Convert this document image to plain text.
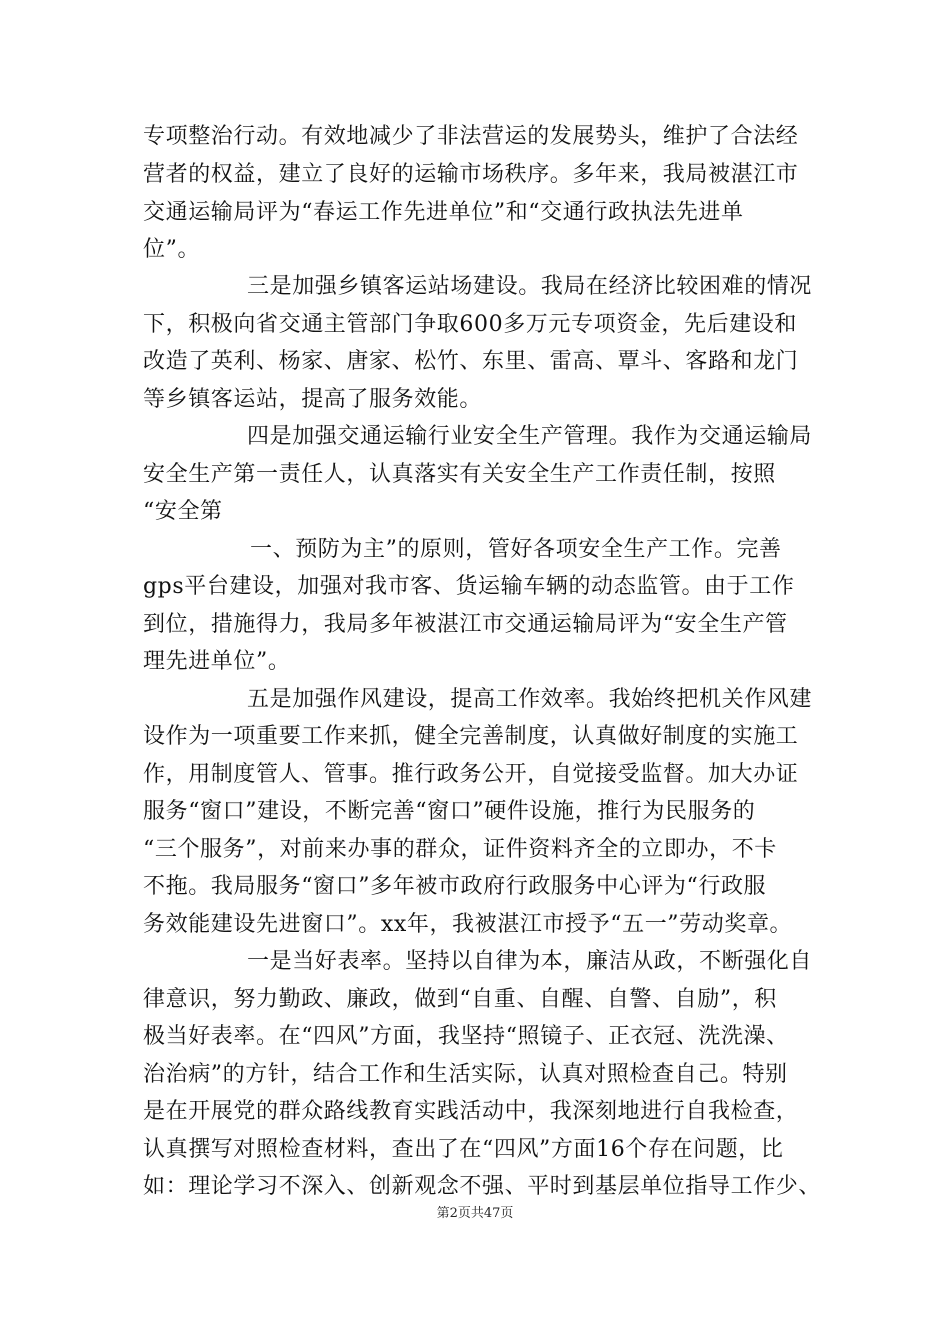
专项整治行动。有效地减少了非法营运的发展势头，维护了合法经
营者的权益，建立了良好的运输市场秩序。多年来，我局被湛江市
交通运输局评为“春运工作先进单位”和“交通行政执法先进单
位”。
三是加强乡镇客运站场建设。我局在经济比较困难的情况
下，积极向省交通主管部门争取600多万元专项资金，先后建设和
改造了英利、杨家、唐家、松竹、东里、雷高、覃斗、客路和龙门
等乡镇客运站，提高了服务效能。
四是加强交通运输行业安全生产管理。我作为交通运输局
安全生产第一责任人，认真落实有关安全生产工作责任制，按照
“安全第
一、预防为主”的原则，管好各项安全生产工作。完善
gps平台建设，加强对我市客、货运输车辆的动态监管。由于工作
到位，措施得力，我局多年被湛江市交通运输局评为“安全生产管
理先进单位”。
五是加强作风建设，提高工作效率。我始终把机关作风建
设作为一项重要工作来抓，健全完善制度，认真做好制度的实施工
作，用制度管人、管事。推行政务公开，自觉接受监督。加大办证
服务“窗口”建设，不断完善“窗口”硬件设施，推行为民服务的
“三个服务”，对前来办事的群众，证件资料齐全的立即办，不卡
不拖。我局服务“窗口”多年被市政府行政服务中心评为“行政服
务效能建设先进窗口”。xx年，我被湛江市授予“五一”劳动奖章。
一是当好表率。坚持以自律为本，廉洁从政，不断强化自
律意识，努力勤政、廉政，做到“自重、自醒、自警、自励”，积
极当好表率。在“四风”方面，我坚持“照镜子、正衣冠、洗洗澡、
治治病”的方针，结合工作和生活实际，认真对照检查自己。特别
是在开展党的群众路线教育实践活动中，我深刻地进行自我检查，
认真撰写对照检查材料，查出了在“四风”方面16个存在问题，比
如：理论学习不深入、创新观念不强、平时到基层单位指导工作少、
第2页共47页
